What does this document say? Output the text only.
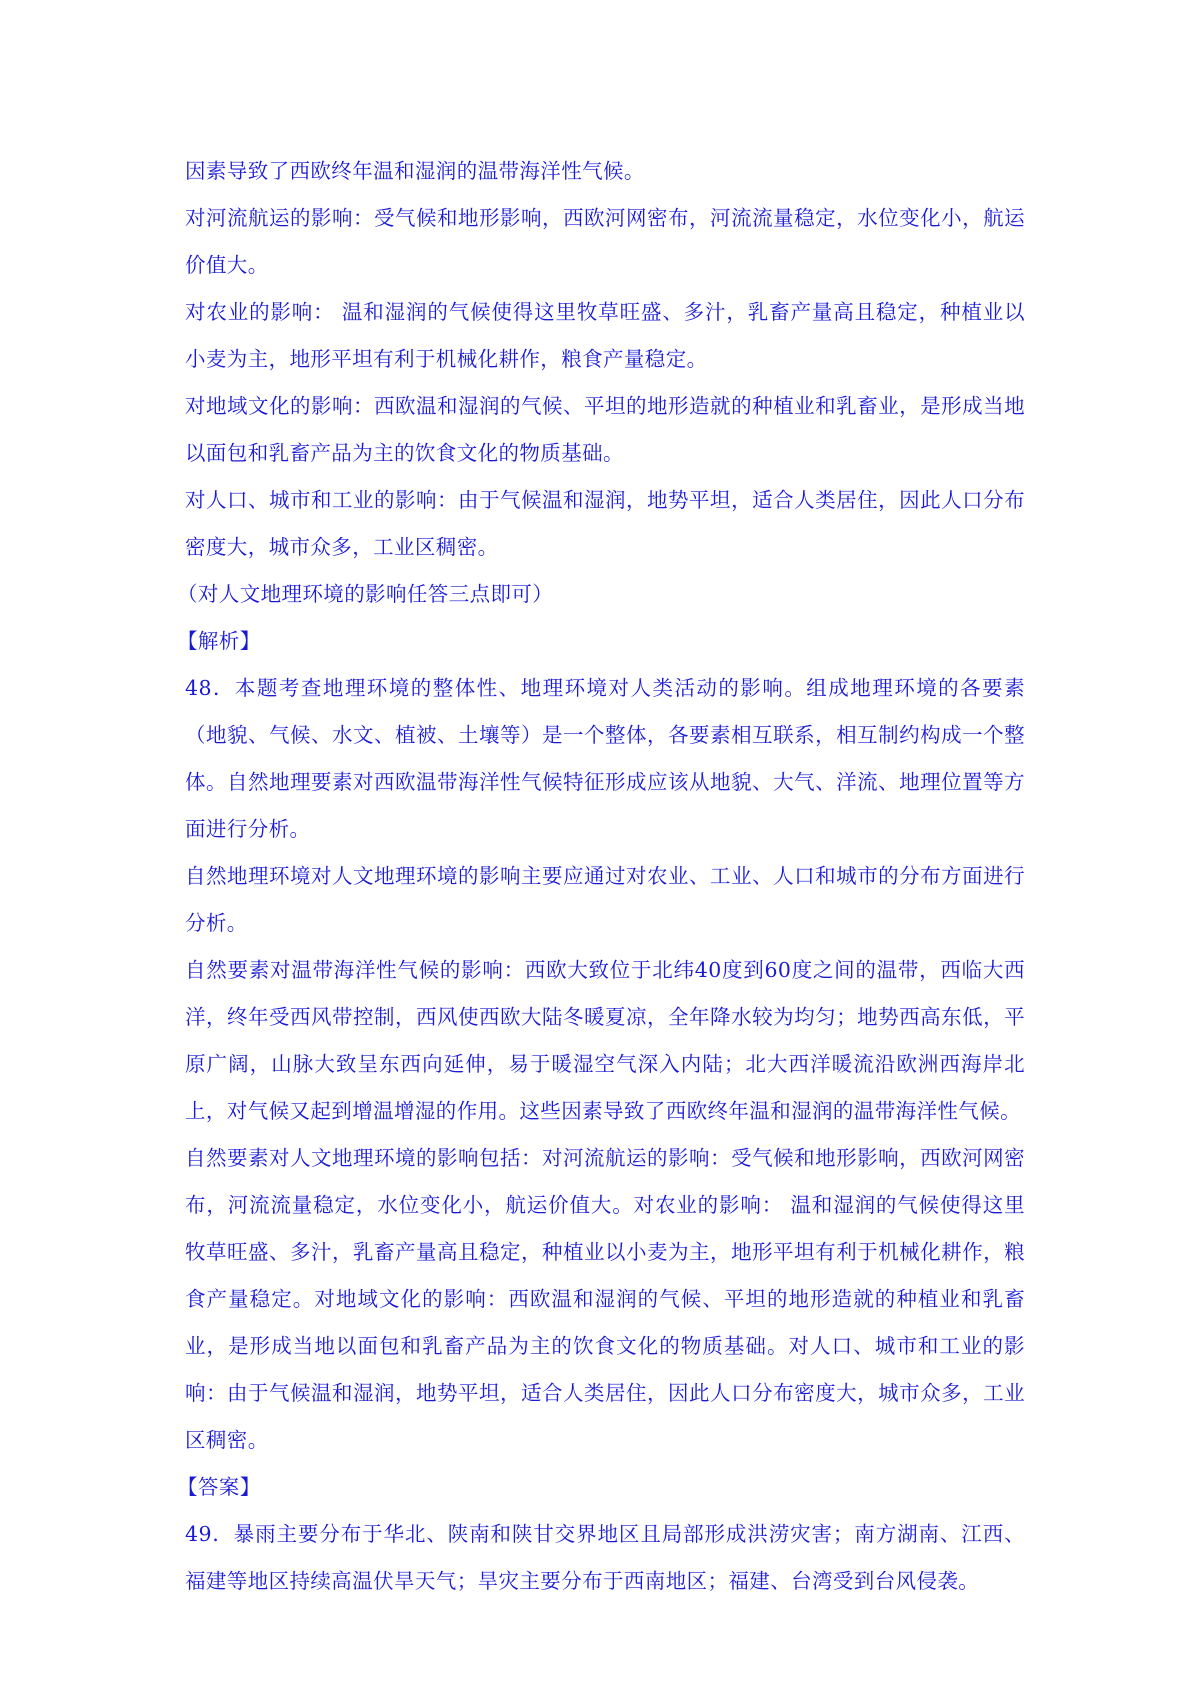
因素导致了西欧终年温和湿润的温带海洋性气候。

对河流航运的影响：受气候和地形影响，西欧河网密布，河流流量稳定，水位变化小，航运价值大。

对农业的影响： 温和湿润的气候使得这里牧草旺盛、多汁，乳畜产量高且稳定，种植业以小麦为主，地形平坦有利于机械化耕作，粮食产量稳定。

对地域文化的影响：西欧温和湿润的气候、平坦的地形造就的种植业和乳畜业，是形成当地以面包和乳畜产品为主的饮食文化的物质基础。

对人口、城市和工业的影响：由于气候温和湿润，地势平坦，适合人类居住，因此人口分布密度大，城市众多，工业区稠密。

（对人文地理环境的影响任答三点即可）

【解析】

48．本题考查地理环境的整体性、地理环境对人类活动的影响。组成地理环境的各要素（地貌、气候、水文、植被、土壤等）是一个整体，各要素相互联系，相互制约构成一个整体。自然地理要素对西欧温带海洋性气候特征形成应该从地貌、大气、洋流、地理位置等方面进行分析。

自然地理环境对人文地理环境的影响主要应通过对农业、工业、人口和城市的分布方面进行分析。

自然要素对温带海洋性气候的影响：西欧大致位于北纬40度到60度之间的温带，西临大西洋，终年受西风带控制，西风使西欧大陆冬暖夏凉，全年降水较为均匀；地势西高东低，平原广阔，山脉大致呈东西向延伸，易于暖湿空气深入内陆；北大西洋暖流沿欧洲西海岸北上，对气候又起到增温增湿的作用。这些因素导致了西欧终年温和湿润的温带海洋性气候。

自然要素对人文地理环境的影响包括：对河流航运的影响：受气候和地形影响，西欧河网密布，河流流量稳定，水位变化小，航运价值大。对农业的影响： 温和湿润的气候使得这里牧草旺盛、多汁，乳畜产量高且稳定，种植业以小麦为主，地形平坦有利于机械化耕作，粮食产量稳定。对地域文化的影响：西欧温和湿润的气候、平坦的地形造就的种植业和乳畜业，是形成当地以面包和乳畜产品为主的饮食文化的物质基础。对人口、城市和工业的影响：由于气候温和湿润，地势平坦，适合人类居住，因此人口分布密度大，城市众多，工业区稠密。

【答案】

49．暴雨主要分布于华北、陕南和陕甘交界地区且局部形成洪涝灾害；南方湖南、江西、福建等地区持续高温伏旱天气；旱灾主要分布于西南地区；福建、台湾受到台风侵袭。
